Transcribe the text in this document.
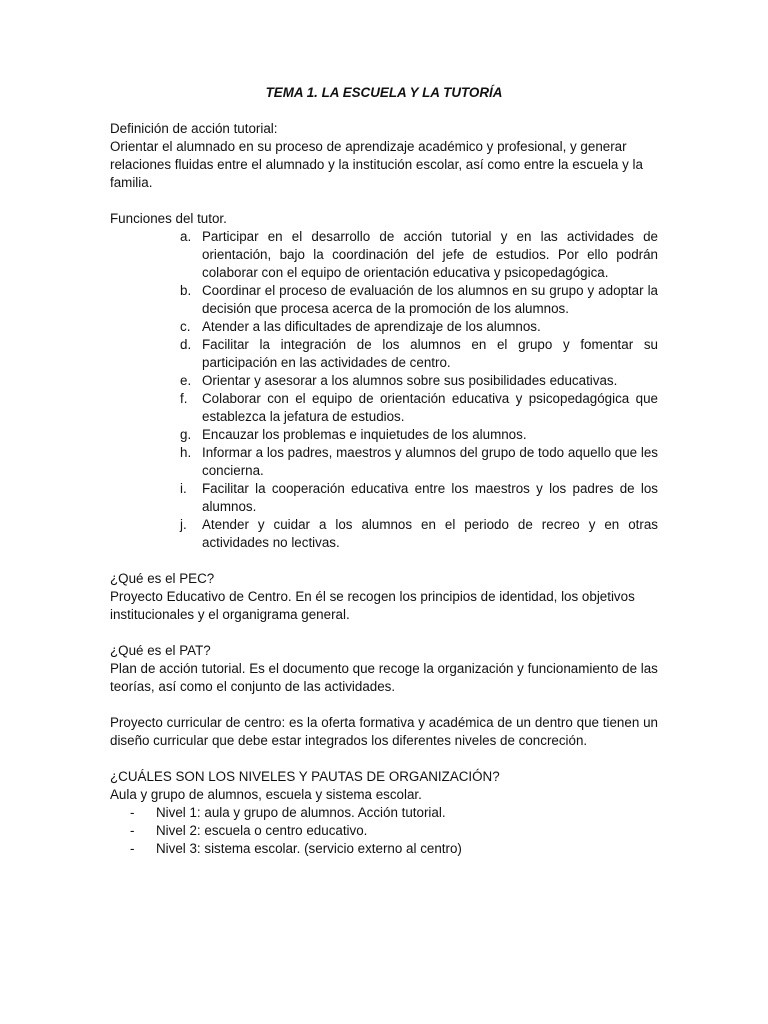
TEMA 1. LA ESCUELA Y LA TUTORÍA

Definición de acción tutorial:

Orientar el alumnado en su proceso de aprendizaje académico y profesional, y generar relaciones fluidas entre el alumnado y la institución escolar, así como entre la escuela y la familia.

Funciones del tutor.

a. Participar en el desarrollo de acción tutorial y en las actividades de orientación, bajo la coordinación del jefe de estudios. Por ello podrán colaborar con el equipo de orientación educativa y psicopedagógica.
b. Coordinar el proceso de evaluación de los alumnos en su grupo y adoptar la decisión que procesa acerca de la promoción de los alumnos.
c. Atender a las dificultades de aprendizaje de los alumnos.
d. Facilitar la integración de los alumnos en el grupo y fomentar su participación en las actividades de centro.
e. Orientar y asesorar a los alumnos sobre sus posibilidades educativas.
f.	Colaborar con el equipo de orientación educativa y psicopedagógica que establezca la jefatura de estudios.
g. Encauzar los problemas e inquietudes de los alumnos.
h. Informar a los padres, maestros y alumnos del grupo de todo aquello que les concierna.
i.	Facilitar la cooperación educativa entre los maestros y los padres de los alumnos.
j.	Atender y cuidar a los alumnos en el periodo de recreo y en otras actividades no lectivas.

¿Qué es el PEC?

Proyecto Educativo de Centro. En él se recogen los principios de identidad, los objetivos institucionales y el organigrama general.

¿Qué es el PAT?

Plan de acción tutorial. Es el documento que recoge la organización y funcionamiento de las teorías, así como el conjunto de las actividades.

Proyecto curricular de centro: es la oferta formativa y académica de un dentro que tienen un diseño curricular que debe estar integrados los diferentes niveles de concreción.

¿CUÁLES SON LOS NIVELES Y PAUTAS DE ORGANIZACIÓN?

Aula y grupo de alumnos, escuela y sistema escolar.

-	Nivel 1: aula y grupo de alumnos. Acción tutorial.
-	Nivel 2: escuela o centro educativo.
-	Nivel 3: sistema escolar. (servicio externo al centro)
